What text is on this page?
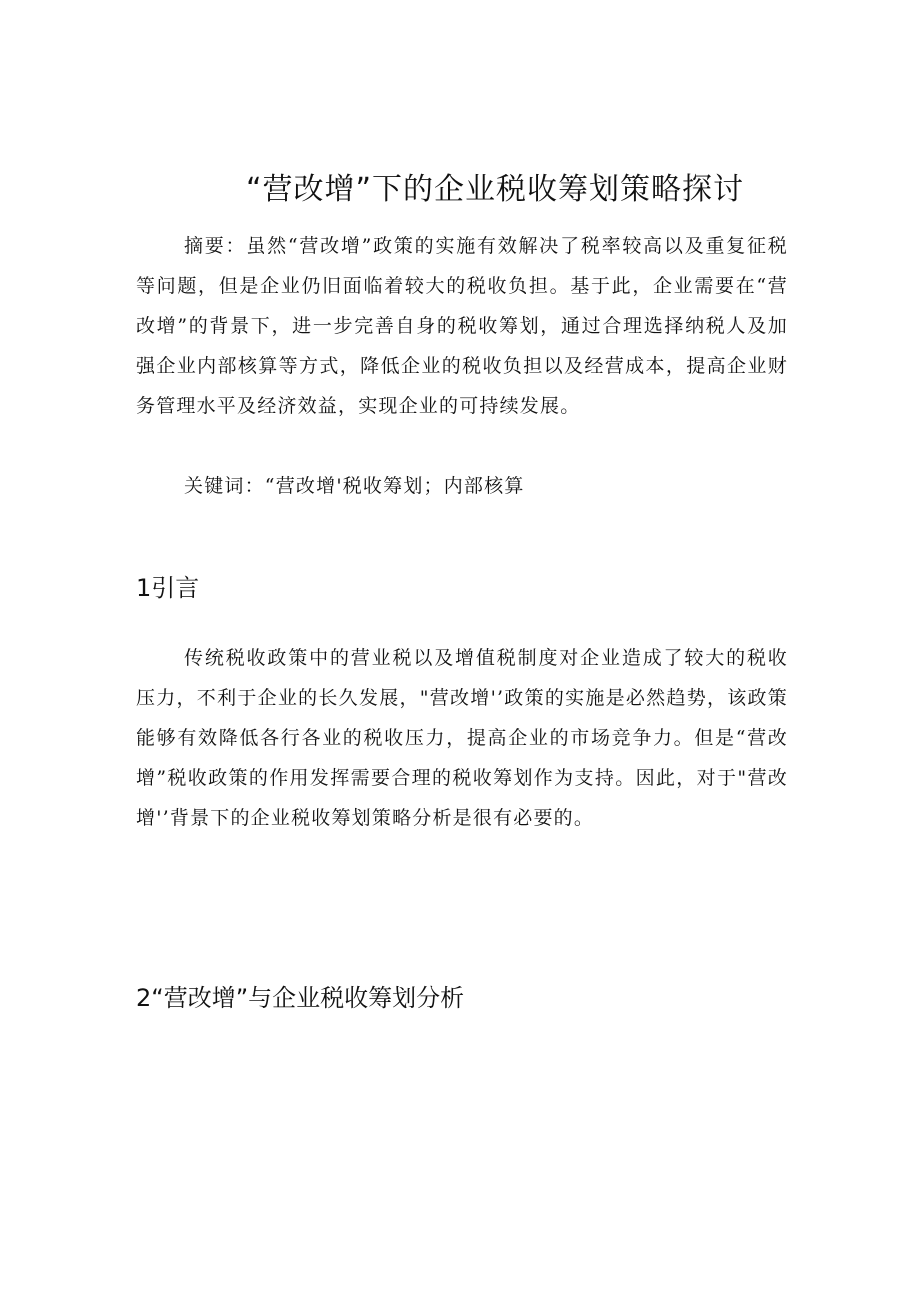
“营改增”下的企业税收筹划策略探讨
摘要：虽然“营改增”政策的实施有效解决了税率较高以及重复征税等问题，但是企业仍旧面临着较大的税收负担。基于此，企业需要在“营改增”的背景下，进一步完善自身的税收筹划，通过合理选择纳税人及加强企业内部核算等方式，降低企业的税收负担以及经营成本，提高企业财务管理水平及经济效益，实现企业的可持续发展。
关键词：“营改增'税收筹划；内部核算
1引言
传统税收政策中的营业税以及增值税制度对企业造成了较大的税收压力，不利于企业的长久发展，"营改增'’政策的实施是必然趋势，该政策能够有效降低各行各业的税收压力，提高企业的市场竞争力。但是“营改增”税收政策的作用发挥需要合理的税收筹划作为支持。因此，对于"营改增'’背景下的企业税收筹划策略分析是很有必要的。
2“营改增”与企业税收筹划分析
